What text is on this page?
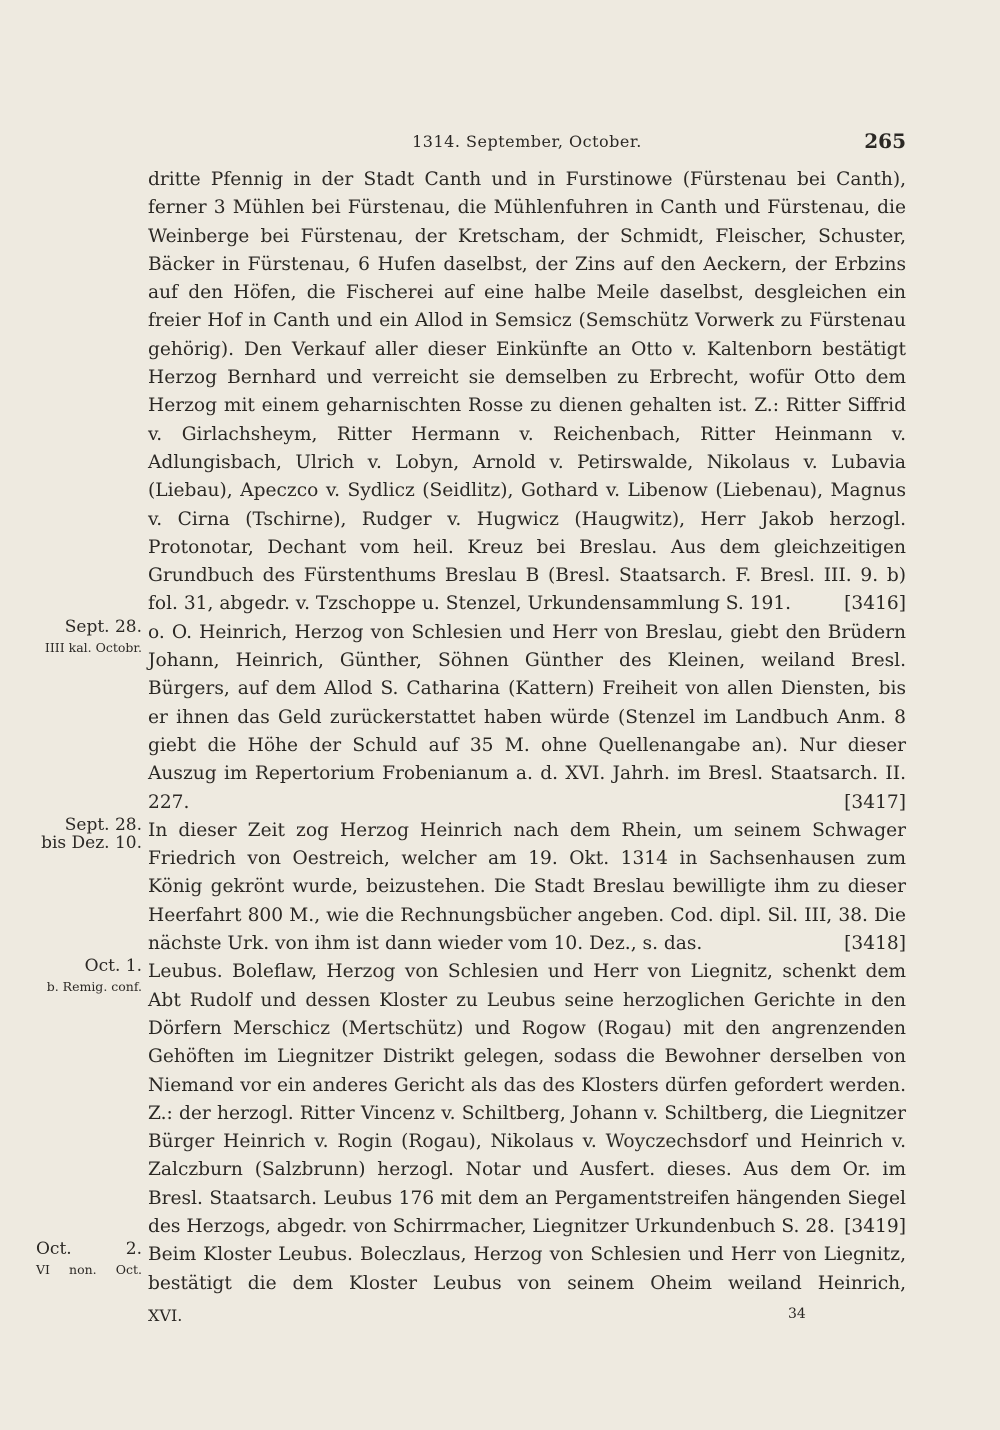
1314. September, October.	265

dritte Pfennig in der Stadt Canth und in Furstinowe (Fürstenau bei Canth), ferner 3 Mühlen bei Fürstenau, die Mühlenfuhren in Canth und Fürstenau, die Weinberge bei Fürstenau, der Kretscham, der Schmidt, Fleischer, Schuster, Bäcker in Fürstenau, 6 Hufen daselbst, der Zins auf den Aeckern, der Erbzins auf den Höfen, die Fischerei auf eine halbe Meile daselbst, desgleichen ein freier Hof in Canth und ein Allod in Semsicz (Semschütz Vorwerk zu Fürstenau gehörig). Den Verkauf aller dieser Einkünfte an Otto v. Kaltenborn bestätigt Herzog Bernhard und verreicht sie demselben zu Erbrecht, wofür Otto dem Herzog mit einem geharnischten Rosse zu dienen gehalten ist. Z.: Ritter Siffrid v. Girlachsheym, Ritter Hermann v. Reichenbach, Ritter Heinmann v. Adlungisbach, Ulrich v. Lobyn, Arnold v. Petirswalde, Nikolaus v. Lubavia (Liebau), Apeczco v. Sydlicz (Seidlitz), Gothard v. Libenow (Liebenau), Magnus v. Cirna (Tschirne), Rudger v. Hugwicz (Haugwitz), Herr Jakob herzogl. Protonotar, Dechant vom heil. Kreuz bei Breslau. Aus dem gleichzeitigen Grundbuch des Fürstenthums Breslau B (Bresl. Staatsarch. F. Bresl. III. 9. b) fol. 31, abgedr. v. Tzschoppe u. Stenzel, Urkundensammlung S. 191.	[3416]

Sept. 28.
IIII kal. Octobr.
o. O. Heinrich, Herzog von Schlesien und Herr von Breslau, giebt den Brüdern Johann, Heinrich, Günther, Söhnen Günther des Kleinen, weiland Bresl. Bürgers, auf dem Allod S. Catharina (Kattern) Freiheit von allen Diensten, bis er ihnen das Geld zurückerstattet haben würde (Stenzel im Landbuch Anm. 8 giebt die Höhe der Schuld auf 35 M. ohne Quellenangabe an). Nur dieser Auszug im Repertorium Frobenianum a. d. XVI. Jahrh. im Bresl. Staatsarch. II. 227.	[3417]

Sept. 28.
bis Dez. 10.
In dieser Zeit zog Herzog Heinrich nach dem Rhein, um seinem Schwager Friedrich von Oestreich, welcher am 19. Okt. 1314 in Sachsenhausen zum König gekrönt wurde, beizustehen. Die Stadt Breslau bewilligte ihm zu dieser Heerfahrt 800 M., wie die Rechnungsbücher angeben. Cod. dipl. Sil. III, 38. Die nächste Urk. von ihm ist dann wieder vom 10. Dez., s. das.	[3418]

Oct. 1.
b. Remig. conf.
Leubus. Boleflaw, Herzog von Schlesien und Herr von Liegnitz, schenkt dem Abt Rudolf und dessen Kloster zu Leubus seine herzoglichen Gerichte in den Dörfern Merschicz (Mertschütz) und Rogow (Rogau) mit den angrenzenden Gehöften im Liegnitzer Distrikt gelegen, sodass die Bewohner derselben von Niemand vor ein anderes Gericht als das des Klosters dürfen gefordert werden. Z.: der herzogl. Ritter Vincenz v. Schiltberg, Johann v. Schiltberg, die Liegnitzer Bürger Heinrich v. Rogin (Rogau), Nikolaus v. Woyczechsdorf und Heinrich v. Zalczburn (Salzbrunn) herzogl. Notar und Ausfert. dieses. Aus dem Or. im Bresl. Staatsarch. Leubus 176 mit dem an Pergamentstreifen hängenden Siegel des Herzogs, abgedr. von Schirrmacher, Liegnitzer Urkundenbuch S. 28. [3419]

Oct. 2.
VI non. Oct.
Beim Kloster Leubus. Boleczlaus, Herzog von Schlesien und Herr von Liegnitz, bestätigt die dem Kloster Leubus von seinem Oheim weiland Heinrich,

XVI.	34
